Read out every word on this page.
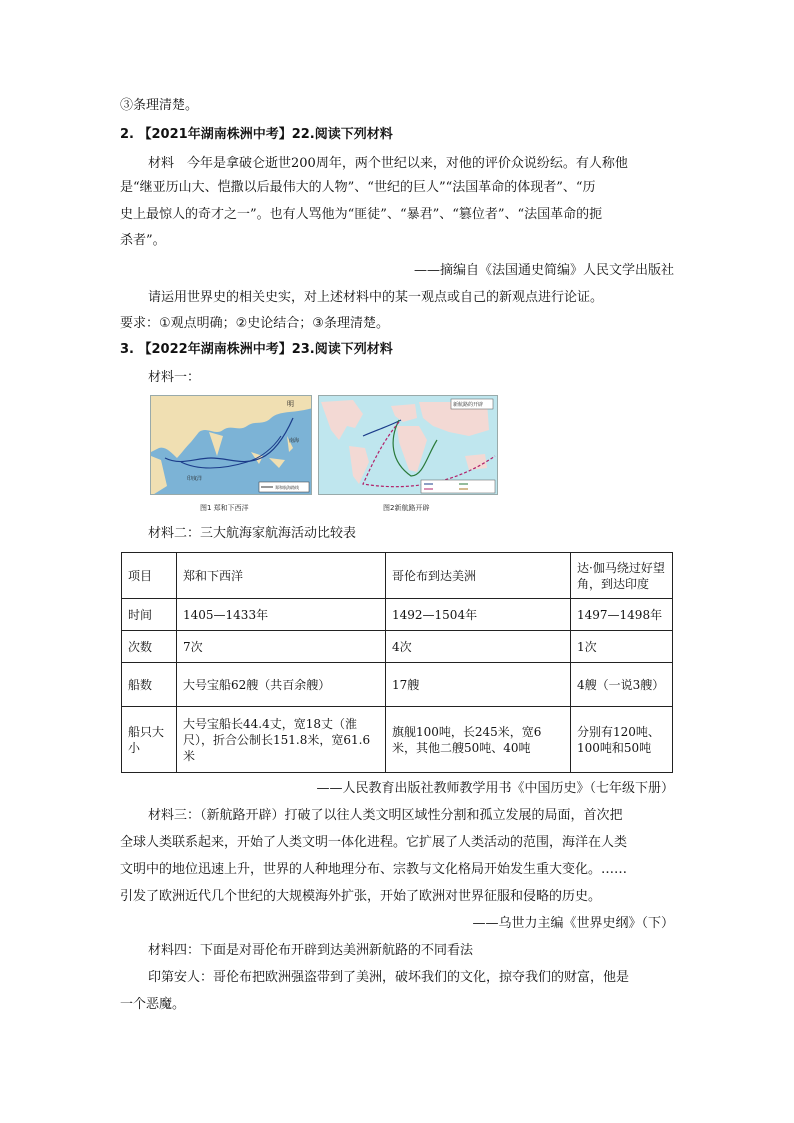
③条理清楚。
2. 【2021年湖南株洲中考】22.阅读下列材料
材料　今年是拿破仑逝世200周年，两个世纪以来，对他的评价众说纷纭。有人称他
是“继亚历山大、恺撒以后最伟大的人物”、“世纪的巨人”“法国革命的体现者”、“历
史上最惊人的奇才之一”。也有人骂他为“匪徒”、“暴君”、“篡位者”、“法国革命的扼
杀者”。
——摘编自《法国通史简编》人民文学出版社
请运用世界史的相关史实，对上述材料中的某一观点或自己的新观点进行论证。
要求：①观点明确；②史论结合；③条理清楚。
3. 【2022年湖南株洲中考】23.阅读下列材料
材料一：
明
南海
印度洋
郑和航海路线
新航路的开辟
图1 郑和下西洋	图2新航路开辟
材料二：三大航海家航海活动比较表
项目	郑和下西洋	哥伦布到达美洲	达·伽马绕过好望角，到达印度
时间	1405—1433年	1492—1504年	1497—1498年
次数	7次	4次	1次
船数	大号宝船62艘（共百余艘）	17艘	4艘（一说3艘）
船只大小	大号宝船长44.4丈，宽18丈（淮尺），折合公制长151.8米，宽61.6米	旗舰100吨，长245米，宽6米，其他二艘50吨、40吨	分别有120吨、100吨和50吨
——人民教育出版社教师教学用书《中国历史》（七年级下册）
材料三：（新航路开辟）打破了以往人类文明区域性分割和孤立发展的局面，首次把
全球人类联系起来，开始了人类文明一体化进程。它扩展了人类活动的范围，海洋在人类
文明中的地位迅速上升，世界的人种地理分布、宗教与文化格局开始发生重大变化。……
引发了欧洲近代几个世纪的大规模海外扩张，开始了欧洲对世界征服和侵略的历史。
——乌世力主编《世界史纲》（下）
材料四：下面是对哥伦布开辟到达美洲新航路的不同看法
印第安人：哥伦布把欧洲强盗带到了美洲，破坏我们的文化，掠夺我们的财富，他是
一个恶魔。
